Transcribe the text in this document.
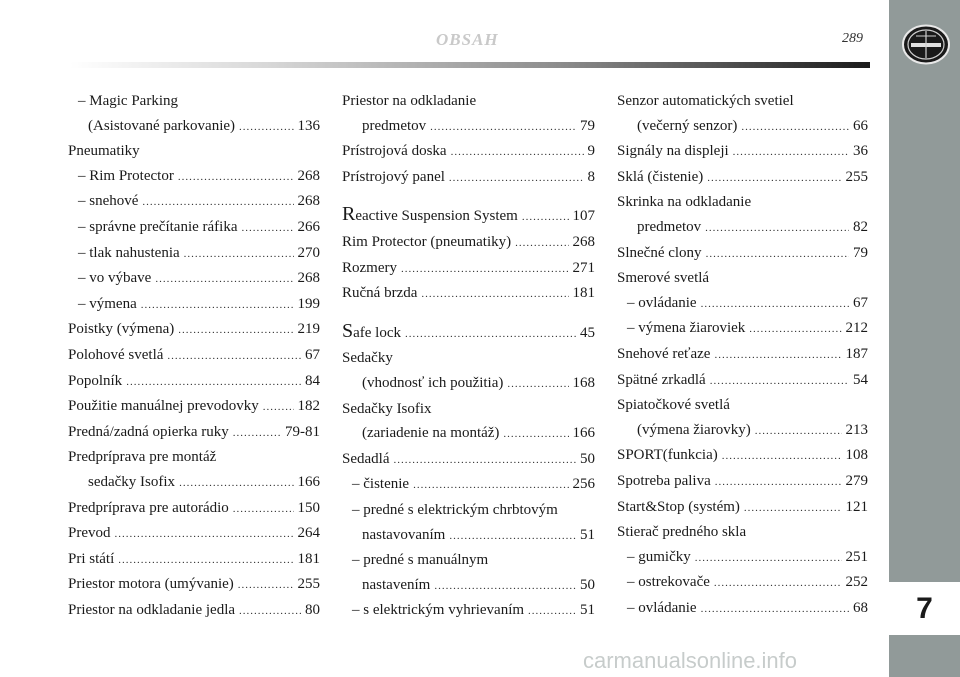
OBSAH	289
7
– Magic Parking
(Asistované parkovanie) .....	136
Pneumatiky
– Rim Protector .....	268
– snehové .....	268
– správne prečítanie ráfika .....	266
– tlak nahustenia .....	270
– vo výbave .....	268
– výmena .....	199
Poistky (výmena) .....	219
Polohové svetlá .....	67
Popolník .....	84
Použitie manuálnej prevodovky .....	182
Predná/zadná opierka ruky .....	79-81
Predpríprava pre montáž
sedačky Isofix .....	166
Predpríprava pre autorádio .....	150
Prevod .....	264
Pri státí .....	181
Priestor motora (umývanie) .....	255
Priestor na odkladanie jedla .....	80
Priestor na odkladanie
predmetov .....	79
Prístrojová doska .....	9
Prístrojový panel .....	8
Reactive Suspension System .....	107
Rim Protector (pneumatiky) .....	268
Rozmery .....	271
Ručná brzda .....	181
Safe lock .....	45
Sedačky
(vhodnosť ich použitia) .....	168
Sedačky Isofix
(zariadenie na montáž) .....	166
Sedadlá .....	50
– čistenie .....	256
– predné s elektrickým chrbtovým
nastavovaním .....	51
– predné s manuálnym
nastavením .....	50
– s elektrickým vyhrievaním .....	51
Senzor automatických svetiel
(večerný senzor) .....	66
Signály na displeji .....	36
Sklá (čistenie) .....	255
Skrinka na odkladanie
predmetov .....	82
Slnečné clony .....	79
Smerové svetlá
– ovládanie .....	67
– výmena žiaroviek .....	212
Snehové reťaze .....	187
Spätné zrkadlá .....	54
Spiatočkové svetlá
(výmena žiarovky) .....	213
SPORT(funkcia) .....	108
Spotreba paliva .....	279
Start&Stop (systém) .....	121
Stierač predného skla
– gumičky .....	251
– ostrekovače .....	252
– ovládanie .....	68
carmanualsonline.info
